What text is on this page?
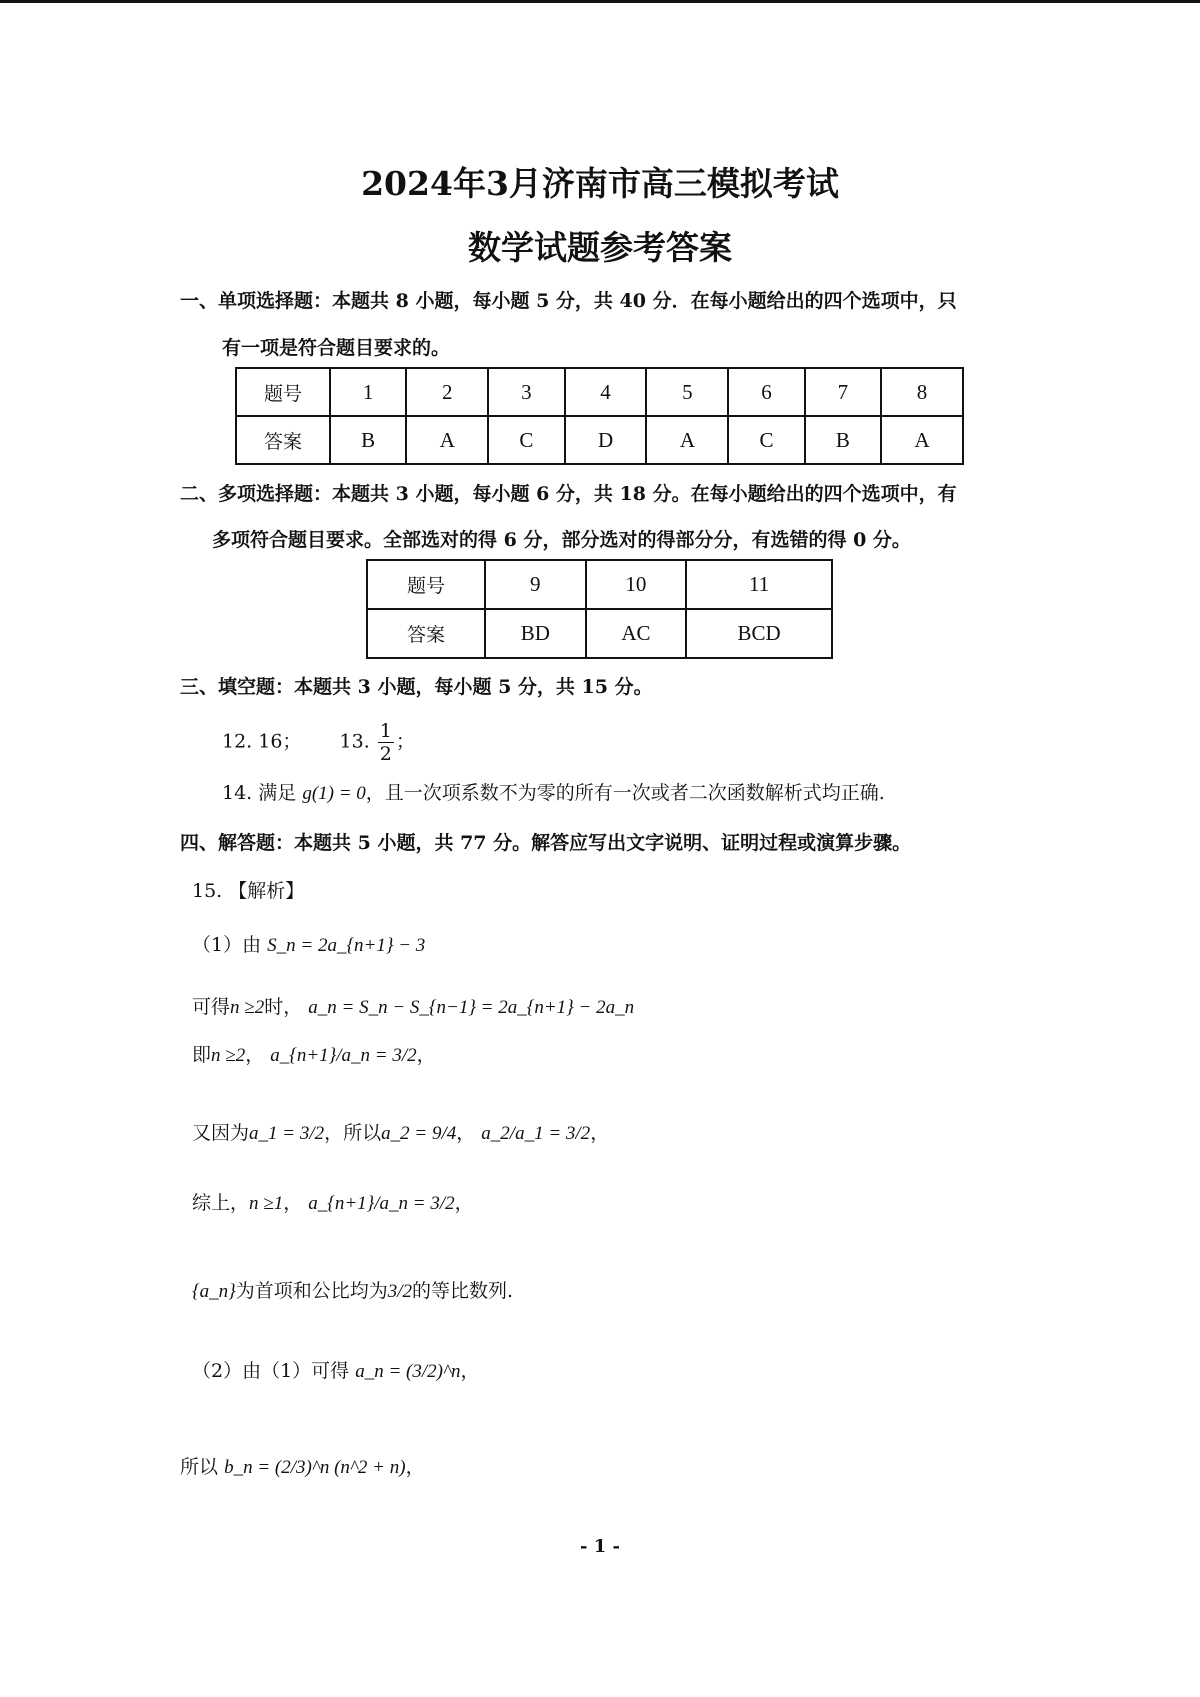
2024年3月济南市高三模拟考试
数学试题参考答案
一、单项选择题：本题共 8 小题，每小题 5 分，共 40 分．在每小题给出的四个选项中，只
有一项是符合题目要求的。
题号	1	2	3	4	5	6	7	8
答案	B	A	C	D	A	C	B	A
二、多项选择题：本题共 3 小题，每小题 6 分，共 18 分。在每小题给出的四个选项中，有
多项符合题目要求。全部选对的得 6 分，部分选对的得部分分，有选错的得 0 分。
题号	9	10	11
答案	BD	AC	BCD
三、填空题：本题共 3 小题，每小题 5 分，共 15 分。
12. 16； 13. $\frac{1}{2}$ ；
14. 满足 g(1) = 0，且一次项系数不为零的所有一次或者二次函数解析式均正确.
四、解答题：本题共 5 小题，共 77 分。解答应写出文字说明、证明过程或演算步骤。
15. 【解析】
（1）由 S_n = 2a_{n+1} − 3
可得n ≥2时， a_n = S_n − S_{n−1} = 2a_{n+1} − 2a_n
即n ≥2， a_{n+1}/a_n = 3/2，
又因为a_1 = 3/2，所以a_2 = 9/4， a_2/a_1 = 3/2，
综上，n ≥1， a_{n+1}/a_n = 3/2，
{a_n}为首项和公比均为3/2的等比数列.
（2）由（1）可得 a_n = (3/2)^n，
所以 b_n = (2/3)^n (n^2 + n)，
- 1 -
